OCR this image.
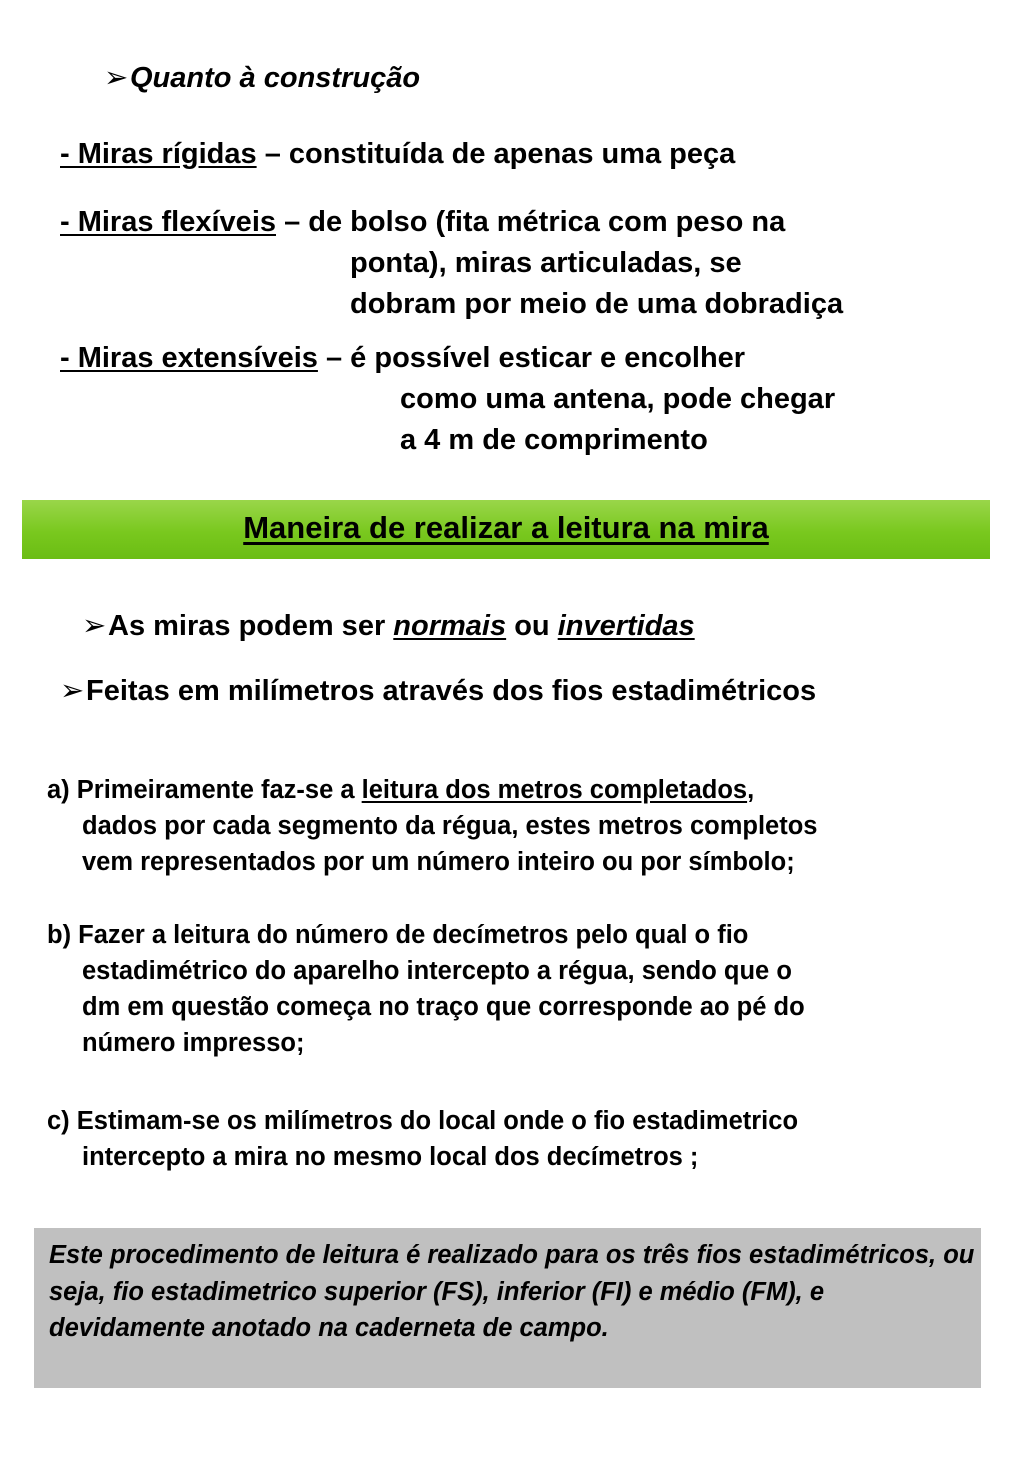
➢Quanto à construção
- Miras rígidas – constituída de apenas uma peça
- Miras flexíveis – de bolso (fita métrica com peso na
ponta), miras articuladas, se
dobram por meio de uma dobradiça
- Miras extensíveis – é possível esticar e encolher
como uma antena, pode chegar
a 4 m de comprimento
Maneira de realizar a leitura na mira
➢As miras podem ser normais ou invertidas
➢Feitas em milímetros através dos fios estadimétricos
a) Primeiramente faz-se a leitura dos metros completados,
dados por cada segmento da régua, estes metros completos
vem representados por um número inteiro ou por símbolo;
b) Fazer a leitura do número de decímetros pelo qual o fio
estadimétrico do aparelho intercepto a régua, sendo que o
dm em questão começa no traço que corresponde ao pé do
número impresso;
c) Estimam-se os milímetros do local onde o fio estadimetrico
intercepto a mira no mesmo local dos decímetros ;
Este procedimento de leitura é realizado para os três fios estadimétricos, ou seja, fio estadimetrico superior (FS), inferior (FI) e médio (FM), e devidamente anotado na caderneta de campo.
